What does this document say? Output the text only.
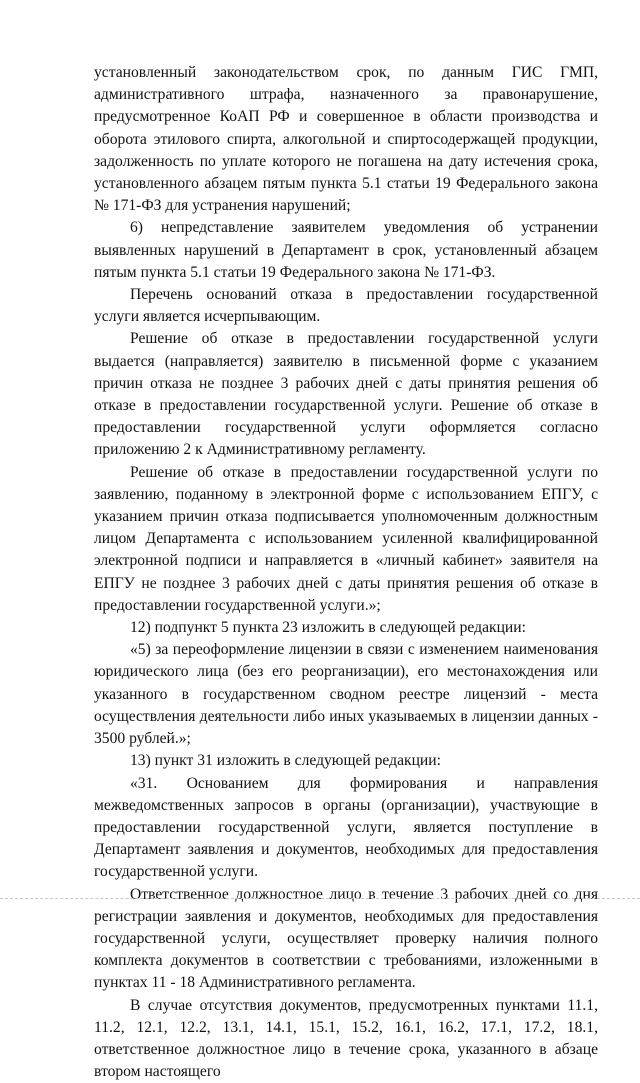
установленный законодательством срок, по данным ГИС ГМП, административного штрафа, назначенного за правонарушение, предусмотренное КоАП РФ и совершенное в области производства и оборота этилового спирта, алкогольной и спиртосодержащей продукции, задолженность по уплате которого не погашена на дату истечения срока, установленного абзацем пятым пункта 5.1 статьи 19 Федерального закона № 171-ФЗ для устранения нарушений;

6) непредставление заявителем уведомления об устранении выявленных нарушений в Департамент в срок, установленный абзацем пятым пункта 5.1 статьи 19 Федерального закона № 171-ФЗ.

Перечень оснований отказа в предоставлении государственной услуги является исчерпывающим.

Решение об отказе в предоставлении государственной услуги выдается (направляется) заявителю в письменной форме с указанием причин отказа не позднее 3 рабочих дней с даты принятия решения об отказе в предоставлении государственной услуги. Решение об отказе в предоставлении государственной услуги оформляется согласно приложению 2 к Административному регламенту.

Решение об отказе в предоставлении государственной услуги по заявлению, поданному в электронной форме с использованием ЕПГУ, с указанием причин отказа подписывается уполномоченным должностным лицом Департамента с использованием усиленной квалифицированной электронной подписи и направляется в «личный кабинет» заявителя на ЕПГУ не позднее 3 рабочих дней с даты принятия решения об отказе в предоставлении государственной услуги.»;

12) подпункт 5 пункта 23 изложить в следующей редакции:

«5) за переоформление лицензии в связи с изменением наименования юридического лица (без его реорганизации), его местонахождения или указанного в государственном сводном реестре лицензий - места осуществления деятельности либо иных указываемых в лицензии данных - 3500 рублей.»;

13) пункт 31 изложить в следующей редакции:

«31. Основанием для формирования и направления межведомственных запросов в органы (организации), участвующие в предоставлении государственной услуги, является поступление в Департамент заявления и документов, необходимых для предоставления государственной услуги.

Ответственное должностное лицо в течение 3 рабочих дней со дня регистрации заявления и документов, необходимых для предоставления государственной услуги, осуществляет проверку наличия полного комплекта документов в соответствии с требованиями, изложенными в пунктах 11 - 18 Административного регламента.

В случае отсутствия документов, предусмотренных пунктами 11.1, 11.2, 12.1, 12.2, 13.1, 14.1, 15.1, 15.2, 16.1, 16.2, 17.1, 17.2, 18.1, ответственное должностное лицо в течение срока, указанного в абзаце втором настоящего
